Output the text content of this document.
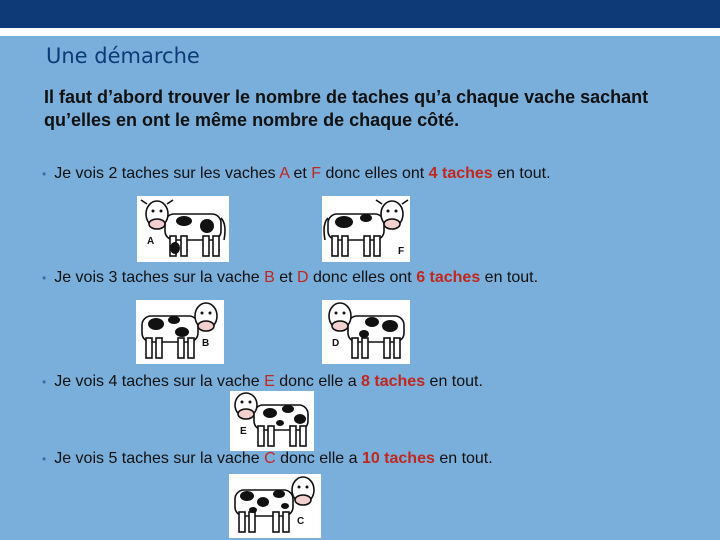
Une démarche
Il faut d’abord trouver le nombre de taches qu’a chaque vache sachant qu’elles en ont le même nombre de chaque côté.
• Je vois 2 taches sur les vaches A et F donc elles ont 4 taches en tout.
A
F
• Je vois 3 taches sur la vache B et D donc elles ont 6 taches en tout.
B	D
• Je vois 4 taches sur la vache E donc elle a 8 taches en tout.
E
• Je vois 5 taches sur la vache C donc elle a 10 taches en tout.
C
